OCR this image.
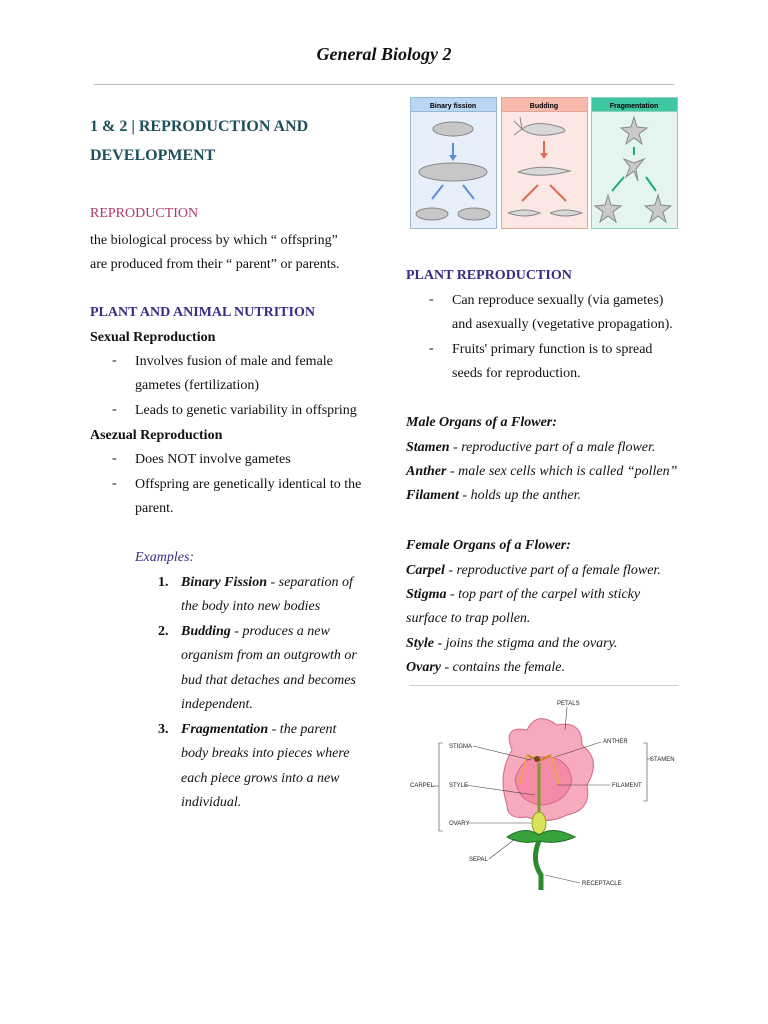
General Biology 2
1 & 2 | REPRODUCTION AND
DEVELOPMENT
REPRODUCTION
the biological process by which “ offspring”
are produced from their “ parent” or parents.
PLANT AND ANIMAL NUTRITION
Sexual Reproduction
- Involves fusion of male and female
gametes (fertilization)
- Leads to genetic variability in offspring
Asezual Reproduction
- Does NOT involve gametes
- Offspring are genetically identical to the
parent.
Examples:
1. Binary Fission - separation of
the body into new bodies
2. Budding - produces a new
organism from an outgrowth or
bud that detaches and becomes
independent.
3. Fragmentation - the parent
body breaks into pieces where
each piece grows into a new
individual.
Binary fission	Budding	Fragmentation
PLANT REPRODUCTION
- Can reproduce sexually (via gametes)
and asexually (vegetative propagation).
- Fruits' primary function is to spread
seeds for reproduction.
Male Organs of a Flower:
Stamen - reproductive part of a male flower.
Anther - male sex cells which is called “pollen”
Filament - holds up the anther.
Female Organs of a Flower:
Carpel - reproductive part of a female flower.
Stigma - top part of the carpel with sticky
surface to trap pollen.
Style - joins the stigma and the ovary.
Ovary - contains the female.
PETALS
ANTHER
STAMEN
STIGMA
CARPEL STYLE	FILAMENT
OVARY
SEPAL
RECEPTACLE
